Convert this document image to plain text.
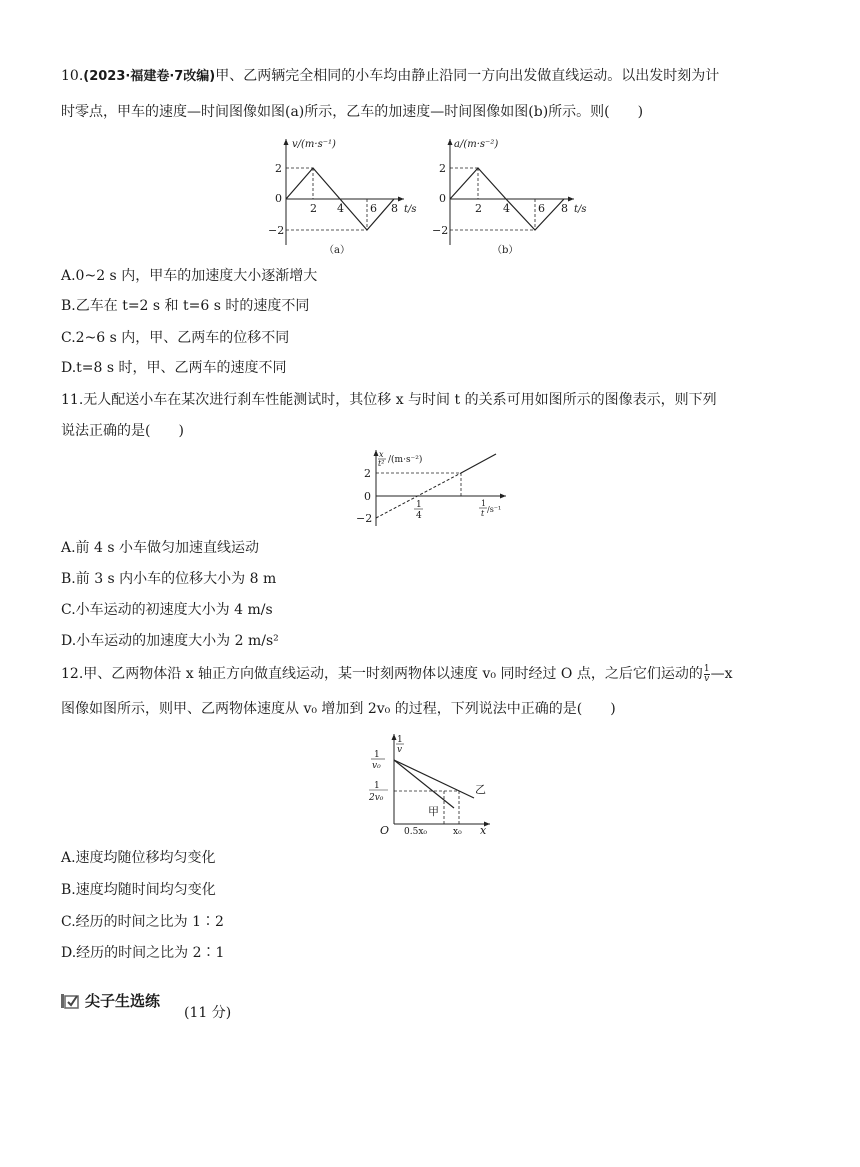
10.(2023·福建卷·7改编)甲、乙两辆完全相同的小车均由静止沿同一方向出发做直线运动。以出发时刻为计
时零点，甲车的速度—时间图像如图(a)所示，乙车的加速度—时间图像如图(b)所示。则(　　)
v/(m·s⁻¹)
2
0
−2
2 4 6 8 t/s
（a）
a/(m·s⁻²)
2
0
−2
2 4	6 8 t/s
（b）
A.0~2 s 内，甲车的加速度大小逐渐增大
B.乙车在 t=2 s 和 t=6 s 时的速度不同
C.2~6 s 内，甲、乙两车的位移不同
D.t=8 s 时，甲、乙两车的速度不同
11.无人配送小车在某次进行刹车性能测试时，其位移 x 与时间 t 的关系可用如图所示的图像表示，则下列
说法正确的是(　　)
x
t² /(m·s⁻²)
2
0
−2
1
4
1
t /s⁻¹
A.前 4 s 小车做匀加速直线运动
B.前 3 s 内小车的位移大小为 8 m
C.小车运动的初速度大小为 4 m/s
D.小车运动的加速度大小为 2 m/s²
12.甲、乙两物体沿 x 轴正方向做直线运动，某一时刻两物体以速度 v₀ 同时经过 O 点，之后它们运动的 $\frac{1}{v}$ —x
图像如图所示，则甲、乙两物体速度从 v₀ 增加到 2v₀ 的过程，下列说法中正确的是(　　)
1
v
1
v₀
1
2v₀
甲
乙
O 0.5x₀	x₀ x
A.速度均随位移均匀变化
B.速度均随时间均匀变化
C.经历的时间之比为 1∶2
D.经历的时间之比为 2∶1
尖子生选练
(11 分)
